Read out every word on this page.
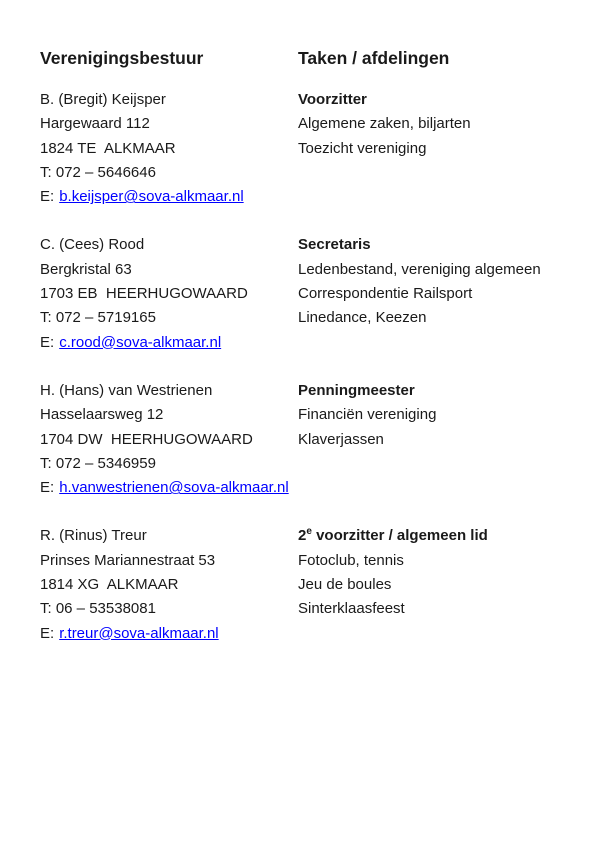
Verenigingsbestuur	Taken / afdelingen
B. (Bregit) Keijsper
Hargewaard 112
1824 TE  ALKMAAR
T: 072 – 5646646
E: b.keijsper@sova-alkmaar.nl
Voorzitter
Algemene zaken, biljarten
Toezicht vereniging
C. (Cees) Rood
Bergkristal 63
1703 EB  HEERHUGOWAARD
T: 072 – 5719165
E: c.rood@sova-alkmaar.nl
Secretaris
Ledenbestand, vereniging algemeen
Correspondentie Railsport
Linedance, Keezen
H. (Hans) van Westrienen
Hasselaarsweg 12
1704 DW  HEERHUGOWAARD
T: 072 – 5346959
E: h.vanwestrienen@sova-alkmaar.nl
Penningmeester
Financiën vereniging
Klaverjassen
R. (Rinus) Treur
Prinses Mariannestraat 53
1814 XG  ALKMAAR
T: 06 – 53538081
E: r.treur@sova-alkmaar.nl
2e voorzitter / algemeen lid
Fotoclub, tennis
Jeu de boules
Sinterklaasfeest
